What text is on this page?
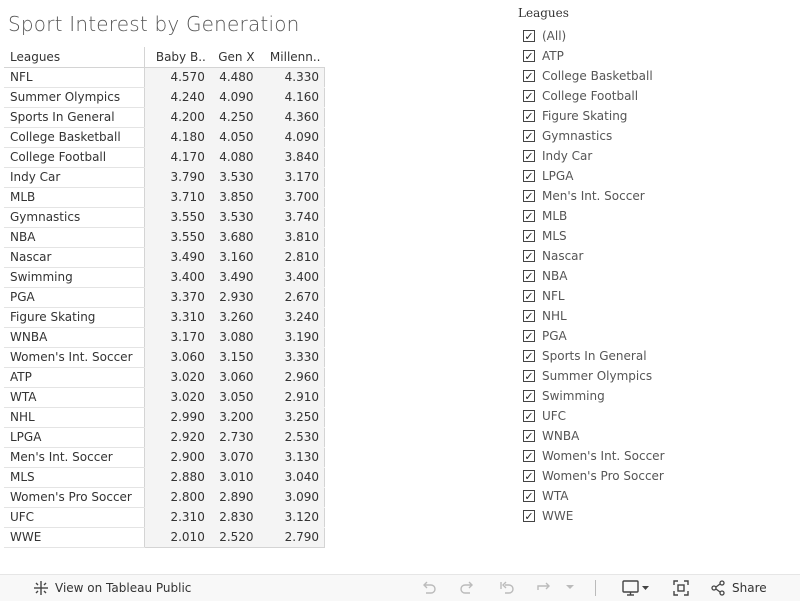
Sport Interest by Generation
Leagues	Baby B..	Gen X	Millenn..
NFL	4.570	4.480	4.330
Summer Olympics	4.240	4.090	4.160
Sports In General	4.200	4.250	4.360
College Basketball	4.180	4.050	4.090
College Football	4.170	4.080	3.840
Indy Car	3.790	3.530	3.170
MLB	3.710	3.850	3.700
Gymnastics	3.550	3.530	3.740
NBA	3.550	3.680	3.810
Nascar	3.490	3.160	2.810
Swimming	3.400	3.490	3.400
PGA	3.370	2.930	2.670
Figure Skating	3.310	3.260	3.240
WNBA	3.170	3.080	3.190
Women's Int. Soccer	3.060	3.150	3.330
ATP	3.020	3.060	2.960
WTA	3.020	3.050	2.910
NHL	2.990	3.200	3.250
LPGA	2.920	2.730	2.530
Men's Int. Soccer	2.900	3.070	3.130
MLS	2.880	3.010	3.040
Women's Pro Soccer	2.800	2.890	3.090
UFC	2.310	2.830	3.120
WWE	2.010	2.520	2.790
Leagues
✓ (All)
✓ ATP
✓ College Basketball
✓ College Football
✓ Figure Skating
✓ Gymnastics
✓ Indy Car
✓ LPGA
✓ Men's Int. Soccer
✓ MLB
✓ MLS
✓ Nascar
✓ NBA
✓ NFL
✓ NHL
✓ PGA
✓ Sports In General
✓ Summer Olympics
✓ Swimming
✓ UFC
✓ WNBA
✓ Women's Int. Soccer
✓ Women's Pro Soccer
✓ WTA
✓ WWE
View on Tableau Public	Share
